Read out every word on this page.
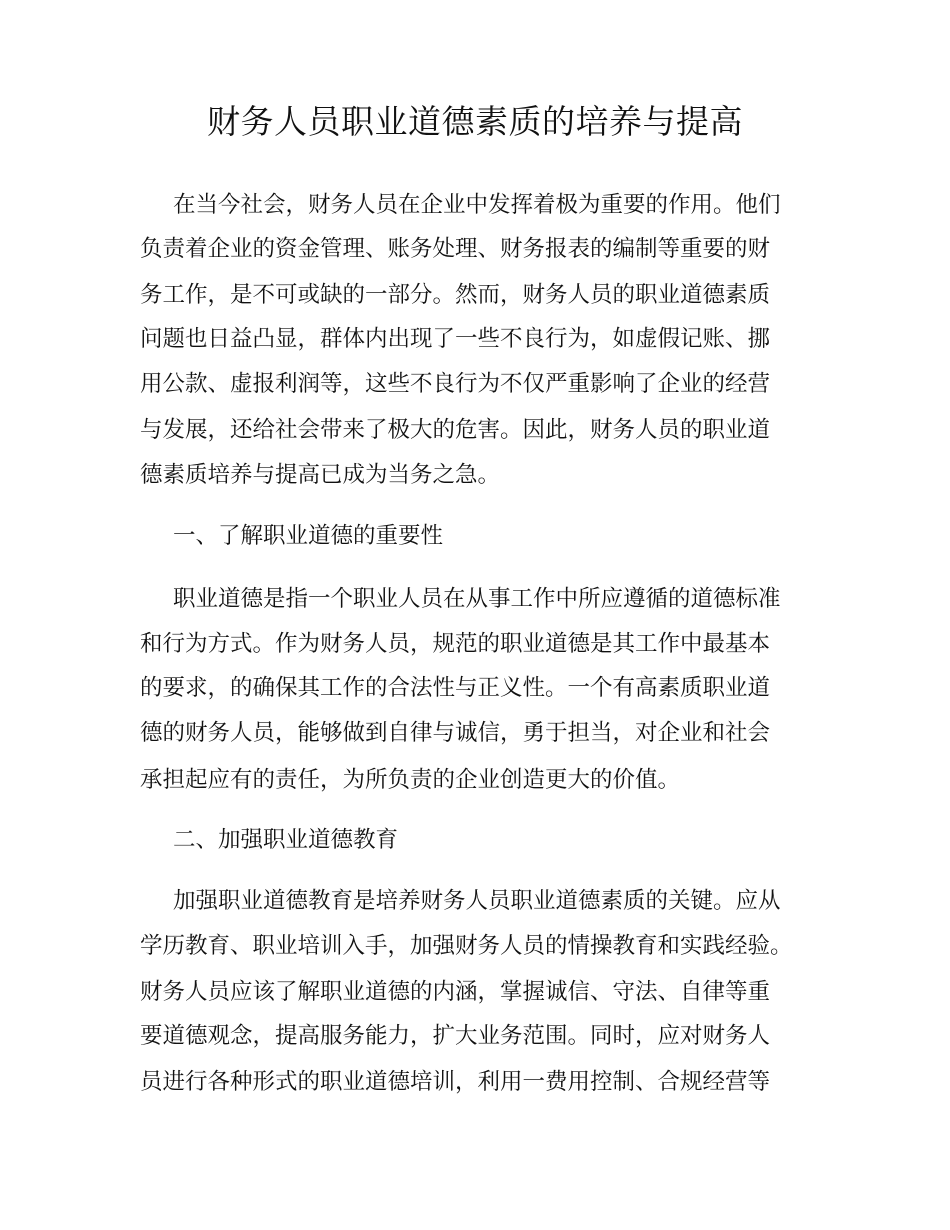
财务人员职业道德素质的培养与提高

在当今社会，财务人员在企业中发挥着极为重要的作用。他们

负责着企业的资金管理、账务处理、财务报表的编制等重要的财

务工作，是不可或缺的一部分。然而，财务人员的职业道德素质

问题也日益凸显，群体内出现了一些不良行为，如虚假记账、挪

用公款、虚报利润等，这些不良行为不仅严重影响了企业的经营

与发展，还给社会带来了极大的危害。因此，财务人员的职业道

德素质培养与提高已成为当务之急。

一、了解职业道德的重要性

职业道德是指一个职业人员在从事工作中所应遵循的道德标准

和行为方式。作为财务人员，规范的职业道德是其工作中最基本

的要求，的确保其工作的合法性与正义性。一个有高素质职业道

德的财务人员，能够做到自律与诚信，勇于担当，对企业和社会

承担起应有的责任，为所负责的企业创造更大的价值。

二、加强职业道德教育

加强职业道德教育是培养财务人员职业道德素质的关键。应从

学历教育、职业培训入手，加强财务人员的情操教育和实践经验。

财务人员应该了解职业道德的内涵，掌握诚信、守法、自律等重

要道德观念，提高服务能力，扩大业务范围。同时，应对财务人

员进行各种形式的职业道德培训，利用一费用控制、合规经营等
